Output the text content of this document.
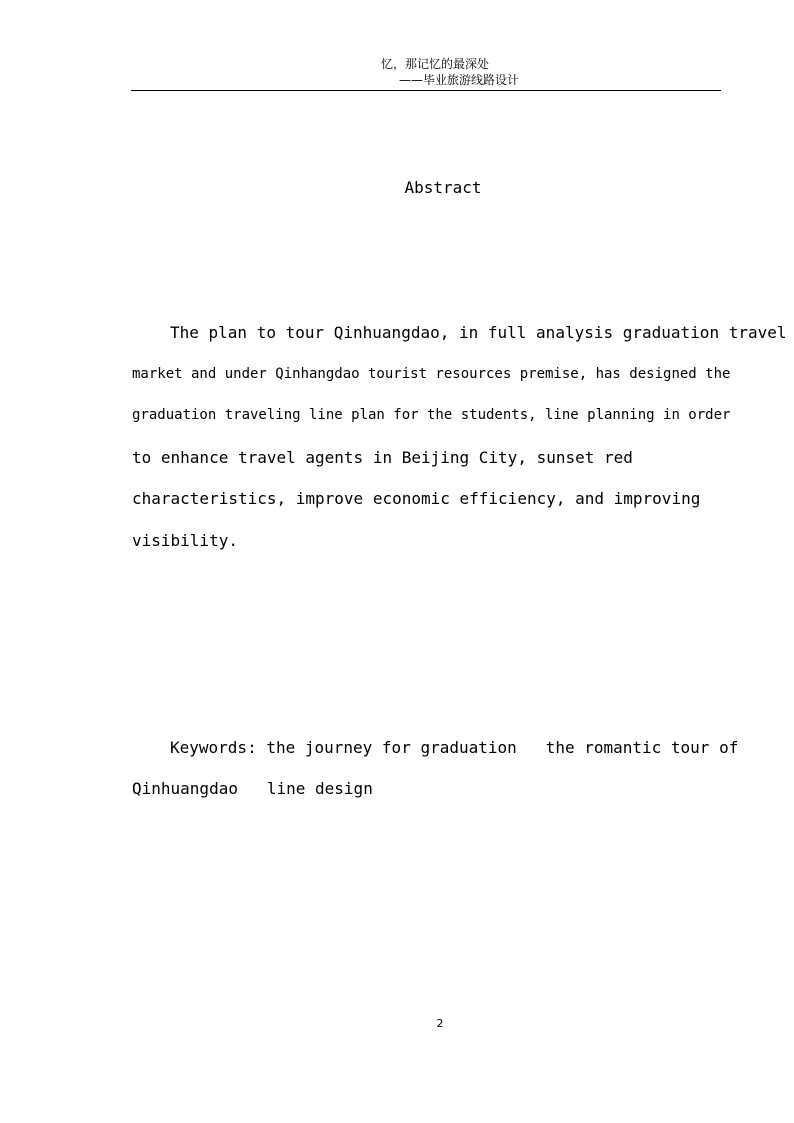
忆，那记忆的最深处
——毕业旅游线路设计
Abstract
The plan to tour Qinhuangdao, in full analysis graduation travel
market and under Qinhangdao tourist resources premise, has designed the
graduation traveling line plan for the students, line planning in order
to enhance travel agents in Beijing City, sunset red
characteristics, improve economic efficiency, and improving
visibility.
Keywords: the journey for graduation   the romantic tour of
Qinhuangdao   line design
2
